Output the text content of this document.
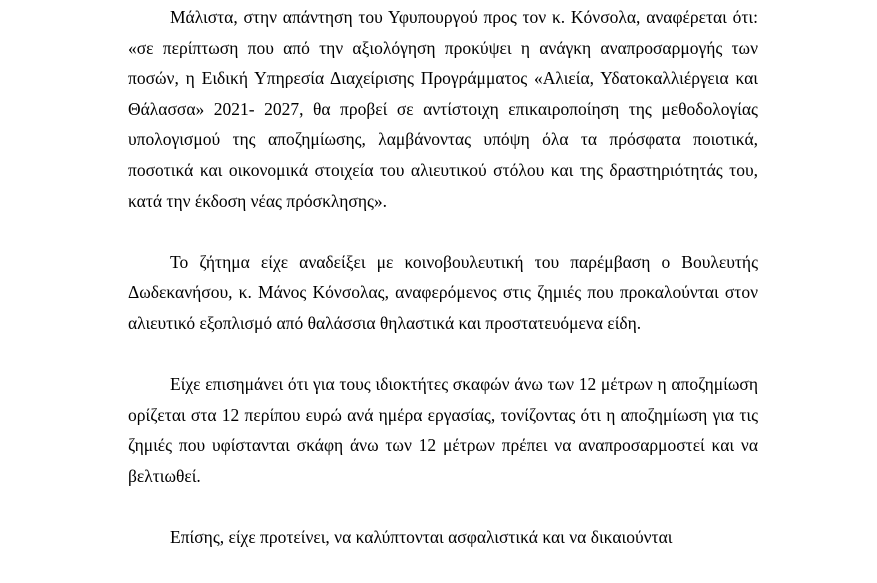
Μάλιστα, στην απάντηση του Υφυπουργού προς τον κ. Κόνσολα, αναφέρεται ότι: «σε περίπτωση που από την αξιολόγηση προκύψει η ανάγκη αναπροσαρμογής των ποσών, η Ειδική Υπηρεσία Διαχείρισης Προγράμματος «Αλιεία, Υδατοκαλλιέργεια και Θάλασσα» 2021- 2027, θα προβεί σε αντίστοιχη επικαιροποίηση της μεθοδολογίας υπολογισμού της αποζημίωσης, λαμβάνοντας υπόψη όλα τα πρόσφατα ποιοτικά, ποσοτικά και οικονομικά στοιχεία του αλιευτικού στόλου και της δραστηριότητάς του, κατά την έκδοση νέας πρόσκλησης».

Το ζήτημα είχε αναδείξει με κοινοβουλευτική του παρέμβαση ο Βουλευτής Δωδεκανήσου, κ. Μάνος Κόνσολας, αναφερόμενος στις ζημιές που προκαλούνται στον αλιευτικό εξοπλισμό από θαλάσσια θηλαστικά και προστατευόμενα είδη.

Είχε επισημάνει ότι για τους ιδιοκτήτες σκαφών άνω των 12 μέτρων η αποζημίωση ορίζεται στα 12 περίπου ευρώ ανά ημέρα εργασίας, τονίζοντας ότι η αποζημίωση για τις ζημιές που υφίστανται σκάφη άνω των 12 μέτρων πρέπει να αναπροσαρμοστεί και να βελτιωθεί.

Επίσης, είχε προτείνει, να καλύπτονται ασφαλιστικά και να δικαιούνται
